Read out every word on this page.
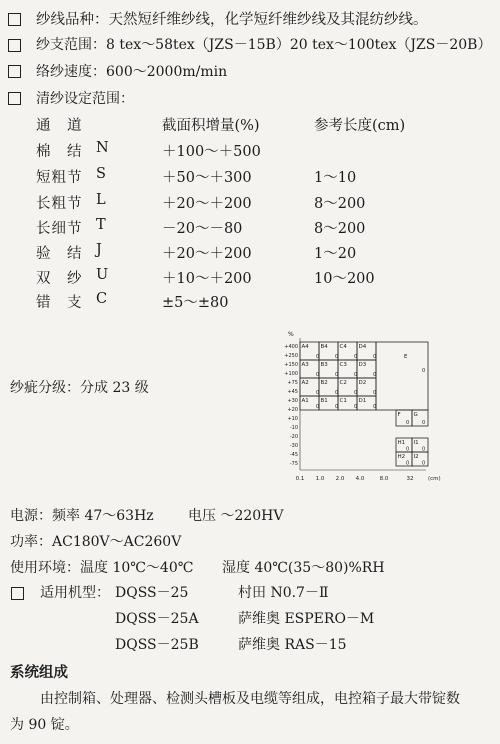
纱线品种：天然短纤维纱线，化学短纤维纱线及其混纺纱线。
纱支范围：8 tex～58tex（JZS－15B）20 tex～100tex（JZS－20B）
络纱速度：600～2000m/min
清纱设定范围：
通　道	截面积增量(%)	参考长度(cm)
棉　结 N	＋100～＋500
短粗节 S	＋50～＋300	1～10
长粗节 L	＋20～＋200	8～200
长细节 T	－20～－80	8～200
验　结 J	＋20～＋200	1～20
双　纱 U	＋10～＋200	10～200
错　支 C	±5～±80
纱疵分级：分成 23 级
%
+400
+250
+150
+100
+75
+45
+30
+20
+10
-10
-20
-30
-45
-75
0.1 1.0 2.0 4.0	8.0	32	(cm)
A4
0
B4
0
C4
0
D4
0
A3
0
B3
0
C3
0
D3
0
A2
0
B2
0
C2
0
D2
0
A1
0
B1
0
C1
0
D1
0
E
0
F
0
G
0
H1
0
I1
0
H2
0
I2
0
电源：频率 47～63Hz 电压 ～220HV
功率：AC180V～AC260V
使用环境：温度 10℃～40℃ 湿度 40℃(35～80)%RH
适用机型： DQSS－25	村田 N0.7－Ⅱ
DQSS－25A	萨维奥 ESPERO－M
DQSS－25B	萨维奥 RAS－15
系统组成
由控制箱、处理器、检测头槽板及电缆等组成，电控箱子最大带锭数
为 90 锭。
